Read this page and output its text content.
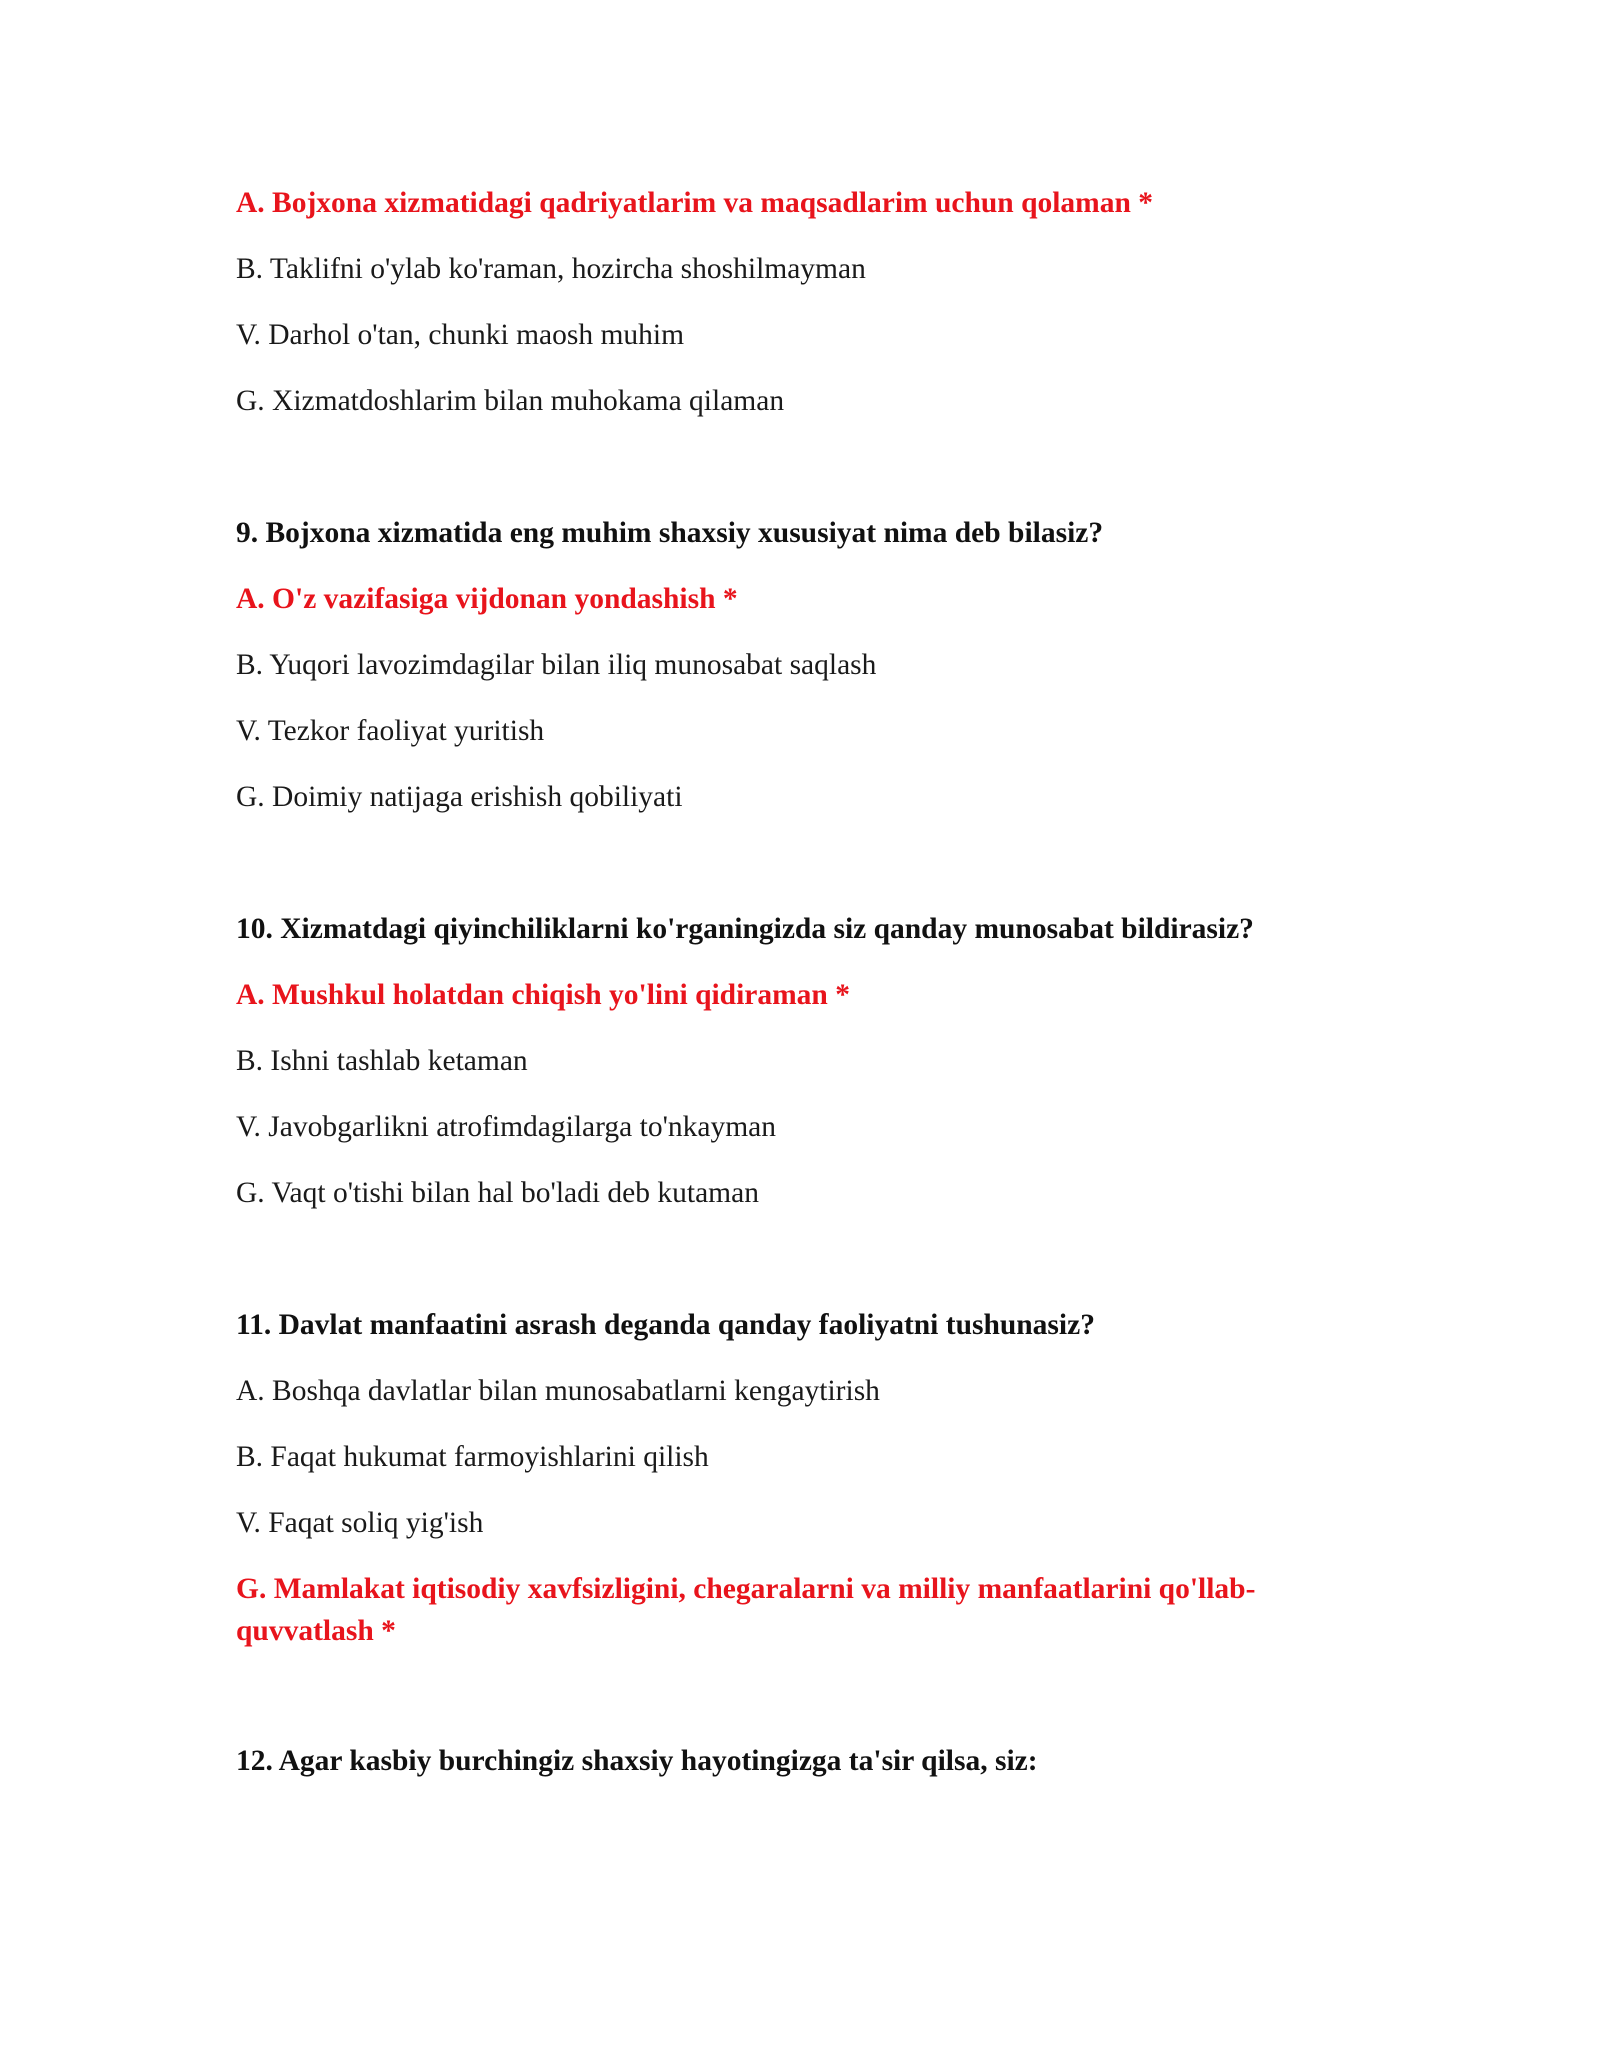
A. Bojxona xizmatidagi qadriyatlarim va maqsadlarim uchun qolaman *
B. Taklifni o'ylab ko'raman, hozircha shoshilmayman
V. Darhol o'tan, chunki maosh muhim
G. Xizmatdoshlarim bilan muhokama qilaman
9. Bojxona xizmatida eng muhim shaxsiy xususiyat nima deb bilasiz?
A. O'z vazifasiga vijdonan yondashish *
B. Yuqori lavozimdagilar bilan iliq munosabat saqlash
V. Tezkor faoliyat yuritish
G. Doimiy natijaga erishish qobiliyati
10. Xizmatdagi qiyinchiliklarni ko'rganingizda siz qanday munosabat bildirasiz?
A. Mushkul holatdan chiqish yo'lini qidiraman *
B. Ishni tashlab ketaman
V. Javobgarlikni atrofimdagilarga to'nkayman
G. Vaqt o'tishi bilan hal bo'ladi deb kutaman
11. Davlat manfaatini asrash deganda qanday faoliyatni tushunasiz?
A. Boshqa davlatlar bilan munosabatlarni kengaytirish
B. Faqat hukumat farmoyishlarini qilish
V. Faqat soliq yig'ish
G. Mamlakat iqtisodiy xavfsizligini, chegaralarni va milliy manfaatlarini qo'llab-quvvatlash *
12. Agar kasbiy burchingiz shaxsiy hayotingizga ta'sir qilsa, siz:
